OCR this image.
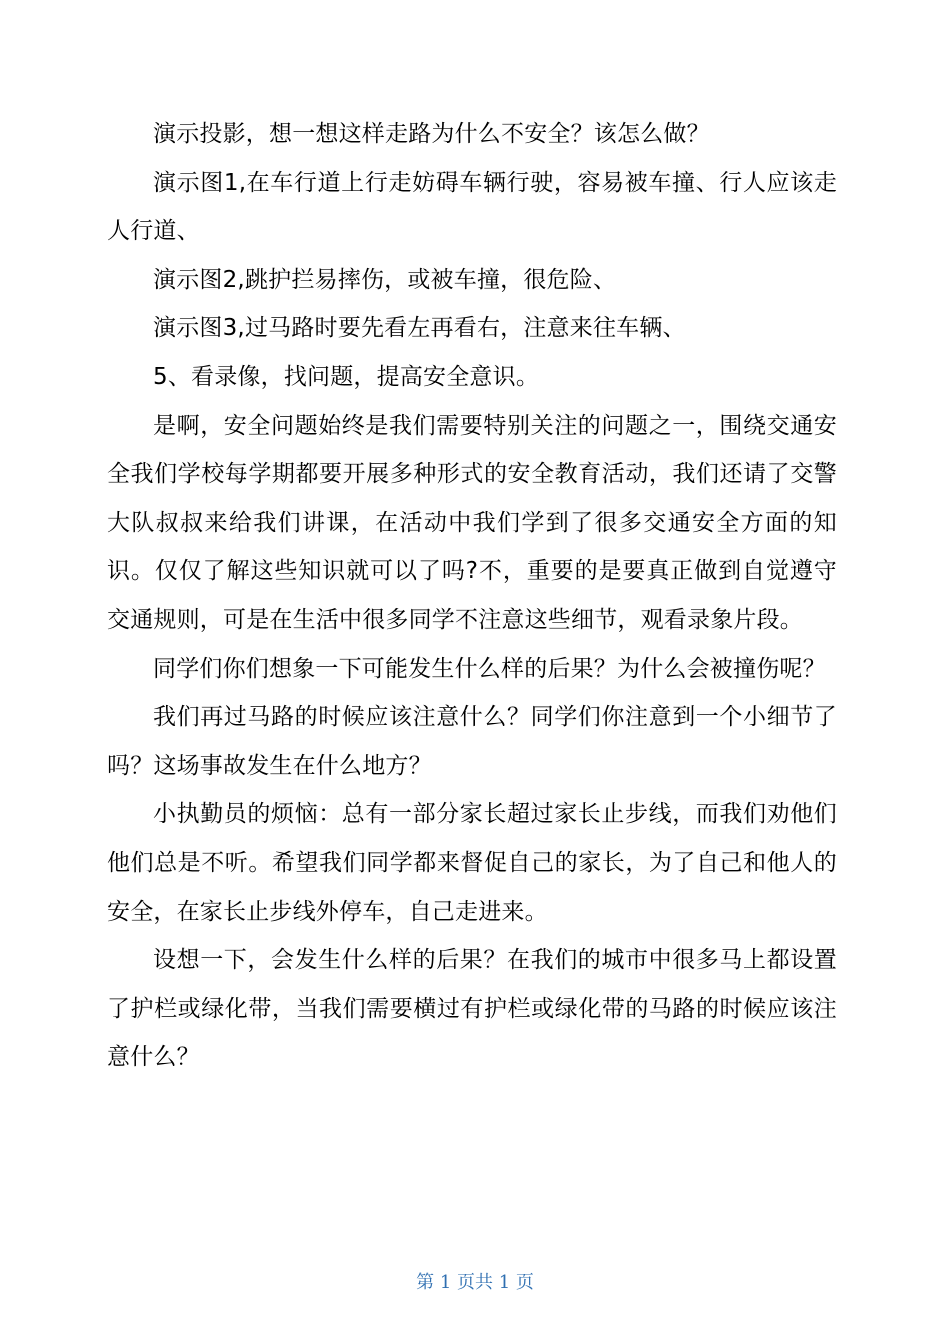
演示投影，想一想这样走路为什么不安全？该怎么做？

演示图1,在车行道上行走妨碍车辆行驶，容易被车撞、行人应该走人行道、

演示图2,跳护拦易摔伤，或被车撞，很危险、

演示图3,过马路时要先看左再看右，注意来往车辆、

5、看录像，找问题，提高安全意识。

是啊，安全问题始终是我们需要特别关注的问题之一，围绕交通安全我们学校每学期都要开展多种形式的安全教育活动，我们还请了交警大队叔叔来给我们讲课，在活动中我们学到了很多交通安全方面的知识。仅仅了解这些知识就可以了吗?不，重要的是要真正做到自觉遵守交通规则，可是在生活中很多同学不注意这些细节，观看录象片段。

同学们你们想象一下可能发生什么样的后果？为什么会被撞伤呢？

我们再过马路的时候应该注意什么？同学们你注意到一个小细节了吗？这场事故发生在什么地方？

小执勤员的烦恼：总有一部分家长超过家长止步线，而我们劝他们他们总是不听。希望我们同学都来督促自己的家长，为了自己和他人的安全，在家长止步线外停车，自己走进来。

设想一下，会发生什么样的后果？在我们的城市中很多马上都设置了护栏或绿化带，当我们需要横过有护栏或绿化带的马路的时候应该注意什么？

第 1 页共 1 页
